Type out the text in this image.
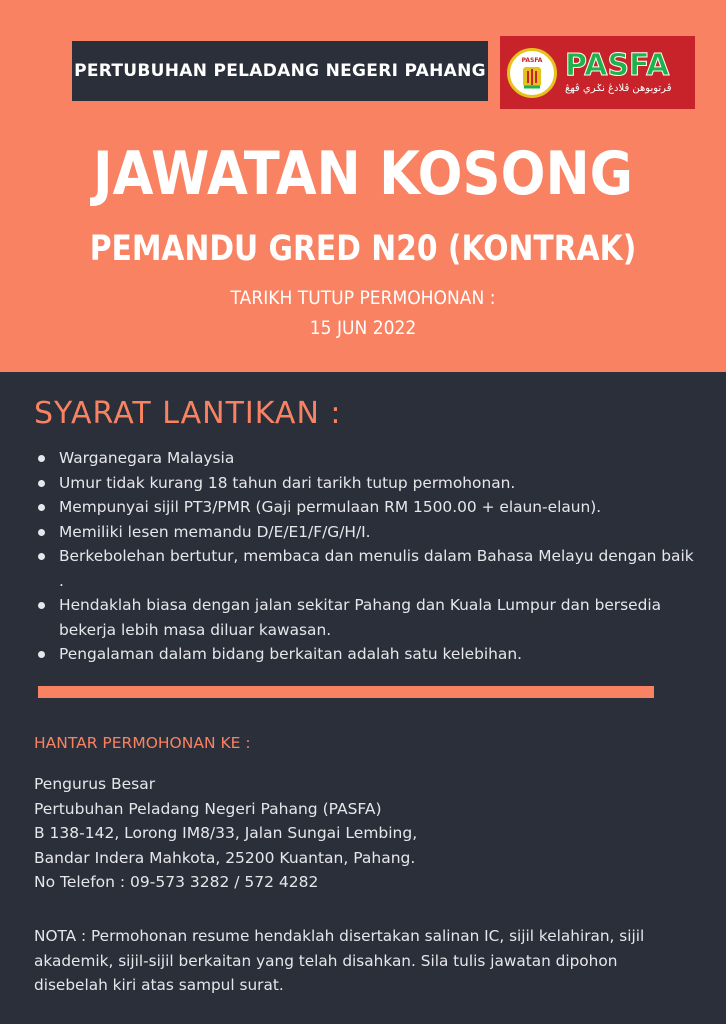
PERTUBUHAN PELADANG NEGERI PAHANG
PASFA PASFA
ڤرتوبوهن ڤلادڠ نݢري ڤهڠ
JAWATAN KOSONG
PEMANDU GRED N20 (KONTRAK)
TARIKH TUTUP PERMOHONAN :
15 JUN 2022
SYARAT LANTIKAN :
Warganegara Malaysia
Umur tidak kurang 18 tahun dari tarikh tutup permohonan.
Mempunyai sijil PT3/PMR (Gaji permulaan RM 1500.00 + elaun-elaun).
Memiliki lesen memandu D/E/E1/F/G/H/I.
Berkebolehan bertutur, membaca dan menulis dalam Bahasa Melayu dengan baik .
Hendaklah biasa dengan jalan sekitar Pahang dan Kuala Lumpur dan bersedia bekerja lebih masa diluar kawasan.
Pengalaman dalam bidang berkaitan adalah satu kelebihan.
HANTAR PERMOHONAN KE :
Pengurus Besar
Pertubuhan Peladang Negeri Pahang (PASFA)
B 138-142, Lorong IM8/33, Jalan Sungai Lembing,
Bandar Indera Mahkota, 25200 Kuantan, Pahang.
No Telefon : 09-573 3282 / 572 4282
NOTA : Permohonan resume hendaklah disertakan salinan IC, sijil kelahiran, sijil akademik, sijil-sijil berkaitan yang telah disahkan. Sila tulis jawatan dipohon disebelah kiri atas sampul surat.
